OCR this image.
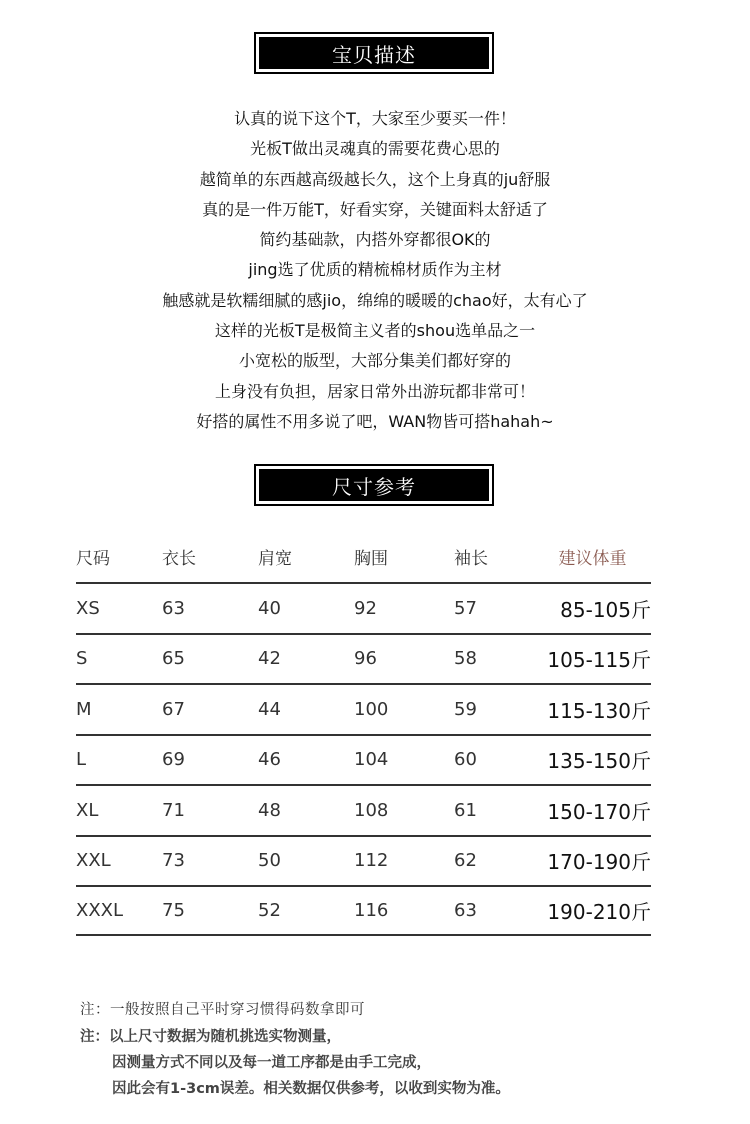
宝贝描述
认真的说下这个T，大家至少要买一件！
光板T做出灵魂真的需要花费心思的
越简单的东西越高级越长久，这个上身真的ju舒服
真的是一件万能T，好看实穿，关键面料太舒适了
简约基础款，内搭外穿都很OK的
jing选了优质的精梳棉材质作为主材
触感就是软糯细腻的感jio，绵绵的暖暖的chao好，太有心了
这样的光板T是极简主义者的shou选单品之一
小宽松的版型，大部分集美们都好穿的
上身没有负担，居家日常外出游玩都非常可！
好搭的属性不用多说了吧，WAN物皆可搭hahah~
尺寸参考
尺码	衣长	肩宽	胸围	袖长	建议体重
XS	63	40	92	57	85-105斤
S	65	42	96	58	105-115斤
M	67	44	100	59	115-130斤
L	69	46	104	60	135-150斤
XL	71	48	108	61	150-170斤
XXL	73	50	112	62	170-190斤
XXXL	75	52	116	63	190-210斤
注：一般按照自己平时穿习惯得码数拿即可
注：以上尺寸数据为随机挑选实物测量，
因测量方式不同以及每一道工序都是由手工完成，
因此会有1-3cm误差。相关数据仅供参考，以收到实物为准。
